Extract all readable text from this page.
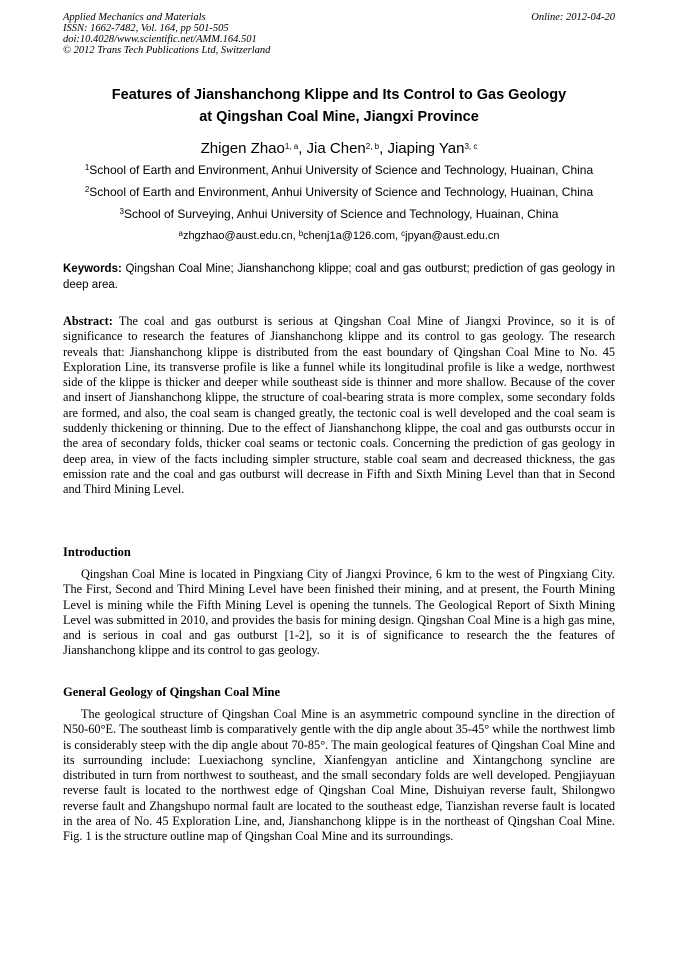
Applied Mechanics and Materials
ISSN: 1662-7482, Vol. 164, pp 501-505
doi:10.4028/www.scientific.net/AMM.164.501
© 2012 Trans Tech Publications Ltd, Switzerland
Online: 2012-04-20
Features of Jianshanchong Klippe and Its Control to Gas Geology
at Qingshan Coal Mine, Jiangxi Province
Zhigen Zhao$^{1, a}$, Jia Chen$^{2, b}$, Jiaping Yan$^{3, c}$
$^1$School of Earth and Environment, Anhui University of Science and Technology, Huainan, China
$^2$School of Earth and Environment, Anhui University of Science and Technology, Huainan, China
$^3$School of Surveying, Anhui University of Science and Technology, Huainan, China
$^a$zhgzhao@aust.edu.cn, $^b$chenj1a@126.com, $^c$jpyan@aust.edu.cn
Keywords: Qingshan Coal Mine; Jianshanchong klippe; coal and gas outburst; prediction of gas geology in deep area.
Abstract: The coal and gas outburst is serious at Qingshan Coal Mine of Jiangxi Province, so it is of significance to research the features of Jianshanchong klippe and its control to gas geology. The research reveals that: Jianshanchong klippe is distributed from the east boundary of Qingshan Coal Mine to No. 45 Exploration Line, its transverse profile is like a funnel while its longitudinal profile is like a wedge, northwest side of the klippe is thicker and deeper while southeast side is thinner and more shallow. Because of the cover and insert of Jianshanchong klippe, the structure of coal-bearing strata is more complex, some secondary folds are formed, and also, the coal seam is changed greatly, the tectonic coal is well developed and the coal seam is suddenly thickening or thinning. Due to the effect of Jianshanchong klippe, the coal and gas outbursts occur in the area of secondary folds, thicker coal seams or tectonic coals. Concerning the prediction of gas geology in deep area, in view of the facts including simpler structure, stable coal seam and decreased thickness, the gas emission rate and the coal and gas outburst will decrease in Fifth and Sixth Mining Level than that in Second and Third Mining Level.
Introduction
Qingshan Coal Mine is located in Pingxiang City of Jiangxi Province, 6 km to the west of Pingxiang City. The First, Second and Third Mining Level have been finished their mining, and at present, the Fourth Mining Level is mining while the Fifth Mining Level is opening the tunnels. The Geological Report of Sixth Mining Level was submitted in 2010, and provides the basis for mining design. Qingshan Coal Mine is a high gas mine, and is serious in coal and gas outburst [1-2], so it is of significance to research the the features of Jianshanchong klippe and its control to gas geology.
General Geology of Qingshan Coal Mine
The geological structure of Qingshan Coal Mine is an asymmetric compound syncline in the direction of N50-60°E. The southeast limb is comparatively gentle with the dip angle about 35-45° while the northwest limb is considerably steep with the dip angle about 70-85°. The main geological features of Qingshan Coal Mine and its surrounding include: Luexiachong syncline, Xianfengyan anticline and Xintangchong syncline are distributed in turn from northwest to southeast, and the small secondary folds are well developed. Pengjiayuan reverse fault is located to the northwest edge of Qingshan Coal Mine, Dishuiyan reverse fault, Shilongwo reverse fault and Zhangshupo normal fault are located to the southeast edge, Tianzishan reverse fault is located in the area of No. 45 Exploration Line, and, Jianshanchong klippe is in the northeast of Qingshan Coal Mine. Fig. 1 is the structure outline map of Qingshan Coal Mine and its surroundings.
